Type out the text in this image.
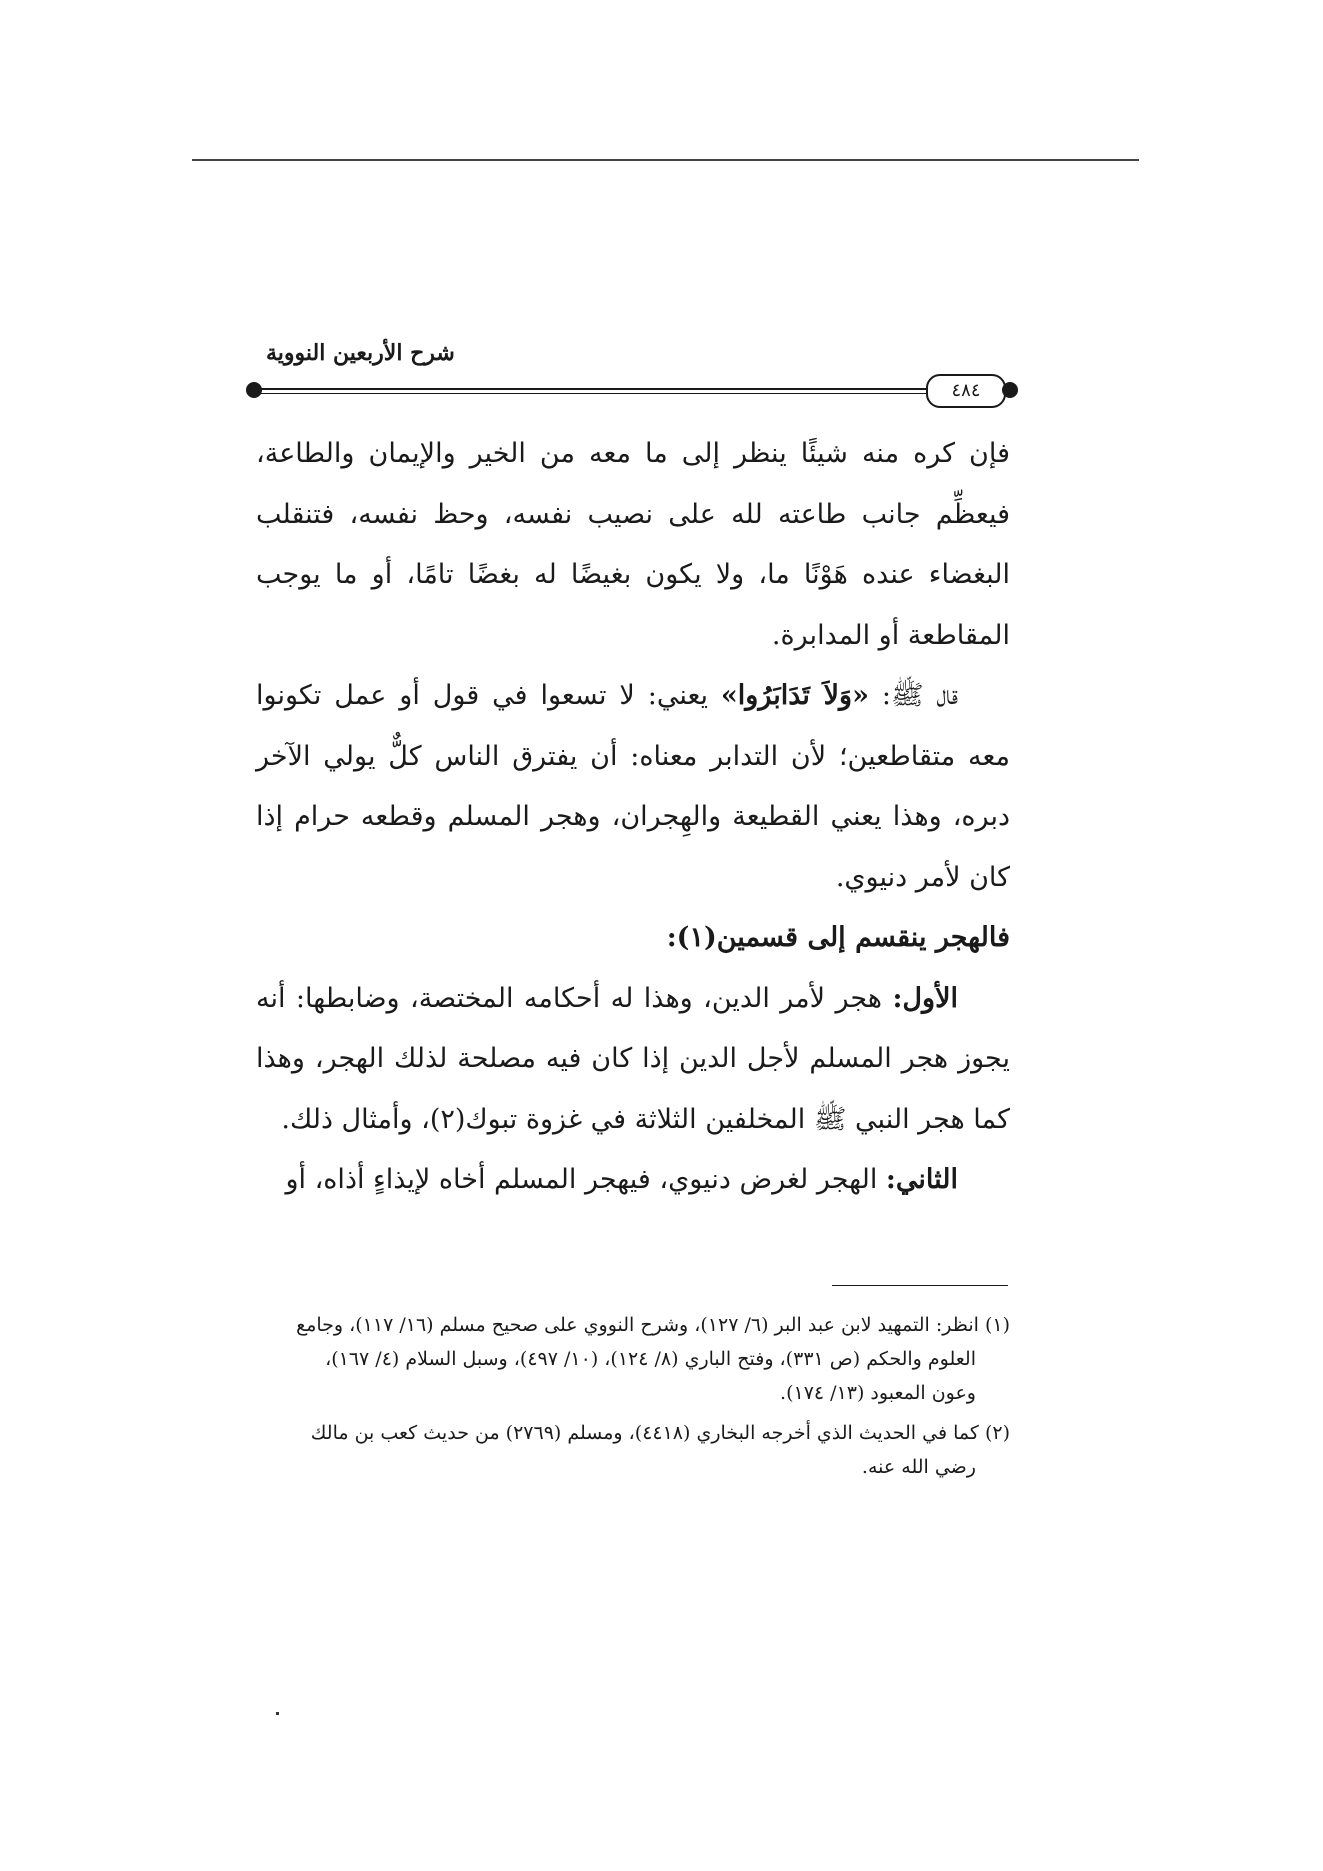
شرح الأربعين النووية
٤٨٤

فإن كره منه شيئًا ينظر إلى ما معه من الخير والإيمان والطاعة، فيعظِّم جانب طاعته لله على نصيب نفسه، وحظ نفسه، فتنقلب البغضاء عنده هَوْنًا ما، ولا يكون بغيضًا له بغضًا تامًا، أو ما يوجب المقاطعة أو المدابرة.

قال ﷺ: «وَلاَ تَدَابَرُوا» يعني: لا تسعوا في قول أو عمل تكونوا معه متقاطعين؛ لأن التدابر معناه: أن يفترق الناس كلٌّ يولي الآخر دبره، وهذا يعني القطيعة والهِجران، وهجر المسلم وقطعه حرام إذا كان لأمر دنيوي.

فالهجر ينقسم إلى قسمين(١):

الأول: هجر لأمر الدين، وهذا له أحكامه المختصة، وضابطها: أنه يجوز هجر المسلم لأجل الدين إذا كان فيه مصلحة لذلك الهجر، وهذا كما هجر النبي ﷺ المخلفين الثلاثة في غزوة تبوك(٢)، وأمثال ذلك.

الثاني: الهجر لغرض دنيوي، فيهجر المسلم أخاه لإيذاءٍ أذاه، أو

(١) انظر: التمهيد لابن عبد البر (٦/ ١٢٧)، وشرح النووي على صحيح مسلم (١٦/ ١١٧)، وجامع
العلوم والحكم (ص ٣٣١)، وفتح الباري (٨/ ١٢٤)، (١٠/ ٤٩٧)، وسبل السلام (٤/ ١٦٧)،
وعون المعبود (١٣/ ١٧٤).

(٢) كما في الحديث الذي أخرجه البخاري (٤٤١٨)، ومسلم (٢٧٦٩) من حديث كعب بن مالك
رضي الله عنه.
